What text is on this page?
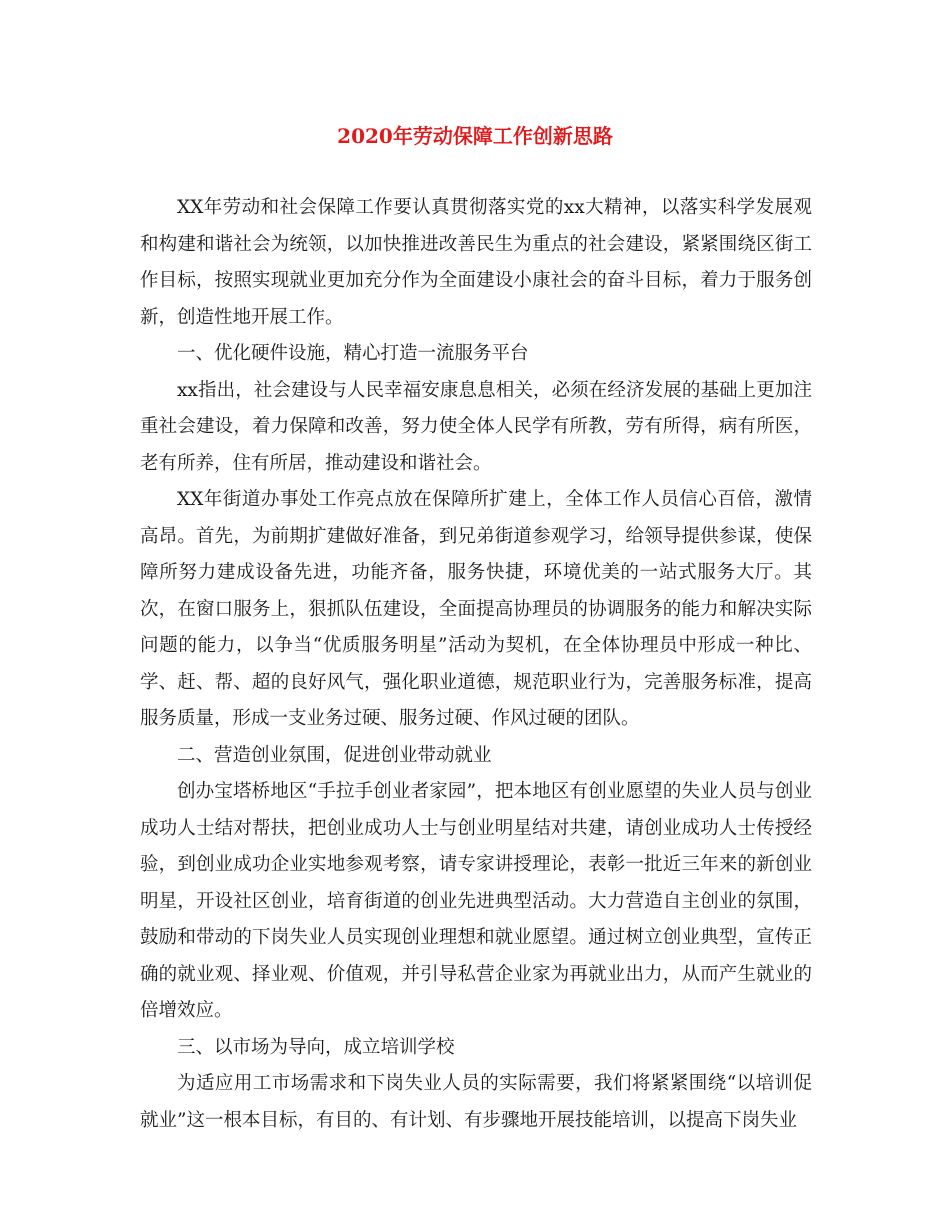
2020年劳动保障工作创新思路

XX年劳动和社会保障工作要认真贯彻落实党的xx大精神，以落实科学发展观和构建和谐社会为统领，以加快推进改善民生为重点的社会建设，紧紧围绕区街工作目标，按照实现就业更加充分作为全面建设小康社会的奋斗目标，着力于服务创新，创造性地开展工作。

一、优化硬件设施，精心打造一流服务平台

xx指出，社会建设与人民幸福安康息息相关，必须在经济发展的基础上更加注重社会建设，着力保障和改善，努力使全体人民学有所教，劳有所得，病有所医，老有所养，住有所居，推动建设和谐社会。

XX年街道办事处工作亮点放在保障所扩建上，全体工作人员信心百倍，激情高昂。首先，为前期扩建做好准备，到兄弟街道参观学习，给领导提供参谋，使保障所努力建成设备先进，功能齐备，服务快捷，环境优美的一站式服务大厅。其次，在窗口服务上，狠抓队伍建设，全面提高协理员的协调服务的能力和解决实际问题的能力，以争当“优质服务明星”活动为契机，在全体协理员中形成一种比、学、赶、帮、超的良好风气，强化职业道德，规范职业行为，完善服务标准，提高服务质量，形成一支业务过硬、服务过硬、作风过硬的团队。

二、营造创业氛围，促进创业带动就业

创办宝塔桥地区“手拉手创业者家园”，把本地区有创业愿望的失业人员与创业成功人士结对帮扶，把创业成功人士与创业明星结对共建，请创业成功人士传授经验，到创业成功企业实地参观考察，请专家讲授理论，表彰一批近三年来的新创业明星，开设社区创业，培育街道的创业先进典型活动。大力营造自主创业的氛围，鼓励和带动的下岗失业人员实现创业理想和就业愿望。通过树立创业典型，宣传正确的就业观、择业观、价值观，并引导私营企业家为再就业出力，从而产生就业的倍增效应。

三、以市场为导向，成立培训学校

为适应用工市场需求和下岗失业人员的实际需要，我们将紧紧围绕“以培训促就业”这一根本目标，有目的、有计划、有步骤地开展技能培训，以提高下岗失业
